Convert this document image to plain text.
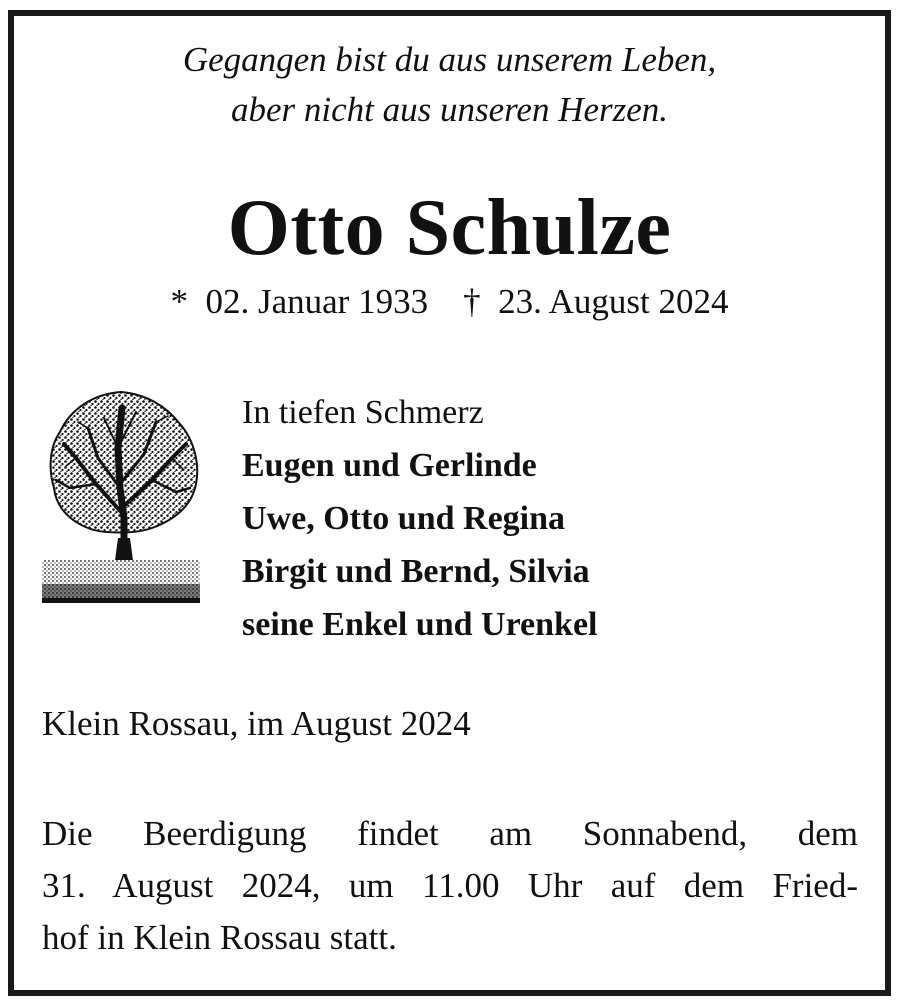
Gegangen bist du aus unserem Leben,
aber nicht aus unseren Herzen.
Otto Schulze
* 02. Januar 1933 † 23. August 2024
In tiefen Schmerz
Eugen und Gerlinde
Uwe, Otto und Regina
Birgit und Bernd, Silvia
seine Enkel und Urenkel
Klein Rossau, im August 2024
Die Beerdigung findet am Sonnabend, dem
31. August 2024, um 11.00 Uhr auf dem Fried-
hof in Klein Rossau statt.
